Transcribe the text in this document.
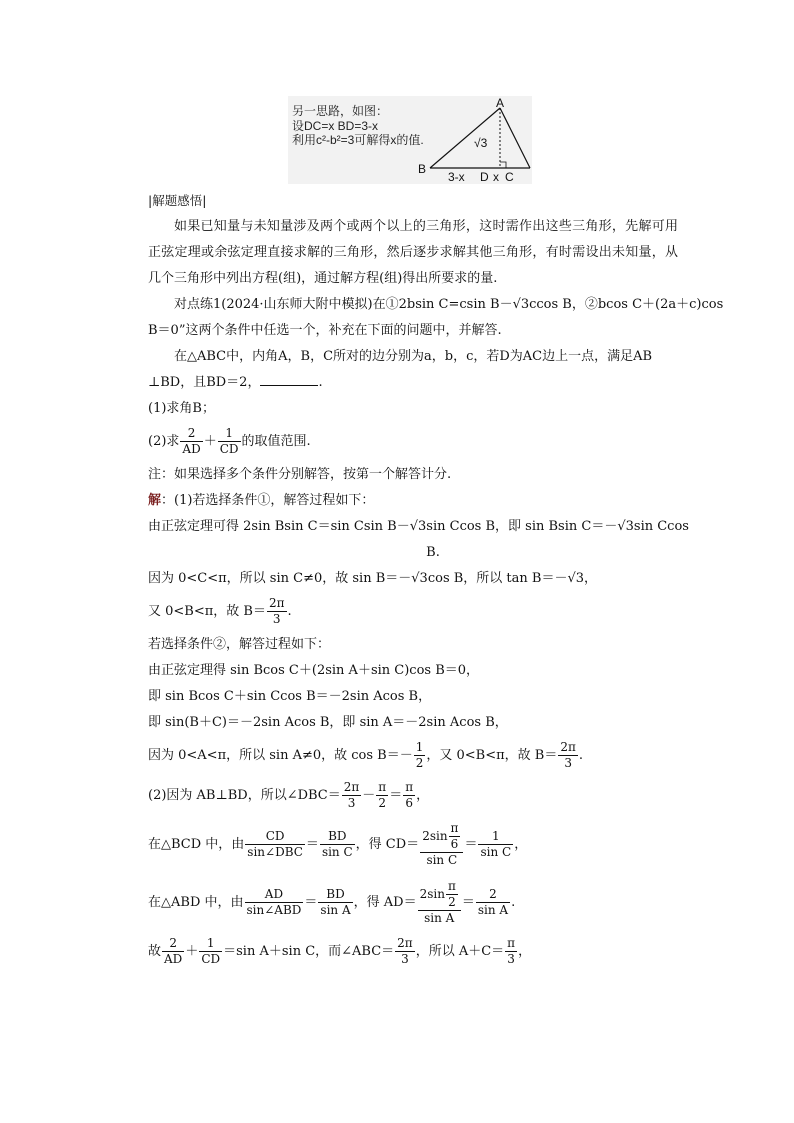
另一思路，如图：
设DC=x BD=3-x
利用c²-b²=3可解得x的值.
A
B
√3
3-x D x C
|解题感悟|
如果已知量与未知量涉及两个或两个以上的三角形，这时需作出这些三角形，先解可用正弦定理或余弦定理直接求解的三角形，然后逐步求解其他三角形，有时需设出未知量，从几个三角形中列出方程(组)，通过解方程(组)得出所要求的量.
对点练1(2024·山东师大附中模拟)在①2bsin C=csin B－√3ccos B，②bcos C＋(2a＋c)cos
B＝0”这两个条件中任选一个，补充在下面的问题中，并解答.
在△ABC中，内角A，B，C所对的边分别为a，b，c，若D为AC边上一点，满足AB
⊥BD，且BD＝2，	.
(1)求角B；
(2)求 $\frac{2}{AD} + \frac{1}{CD}$ 的取值范围.
注：如果选择多个条件分别解答，按第一个解答计分.
解：(1)若选择条件①，解答过程如下：
由正弦定理可得 2sin Bsin C＝sin Csin B－√3sin Ccos B，即 sin Bsin C＝－√3sin Ccos
B.
因为 0<C<π，所以 sin C≠0，故 sin B＝－√3cos B，所以 tan B＝－√3，
又 0<B<π，故 $B= \frac{2\pi}{3}$ .
若选择条件②，解答过程如下：
由正弦定理得 sin Bcos C＋(2sin A＋sin C)cos B＝0，
即 sin Bcos C＋sin Ccos B＝－2sin Acos B，
即 sin(B＋C)＝－2sin Acos B，即 sin A＝－2sin Acos B，
因为 0<A<π，所以 sin A≠0，故 $\cos B=- \frac{1}{2}$ ，又 0<B<π，故 $B= \frac{2\pi}{3}$ .
(2)因为 AB⊥BD，所以∠DBC＝ $\frac{2\pi}{3} - \frac{\pi}{2} = \frac{\pi}{6}$ ，
在△BCD 中，由 $\frac{CD}{\text{sin∠DBC}} = \frac{BD}{\text{sin C}}$ ，得 $CD= \frac{2\sin \frac{\pi}{6}}{\text{sin C}} = \frac{1}{\text{sin C}}$ ，
在△ABD 中，由 $\frac{AD}{\text{sin∠ABD}} = \frac{BD}{\text{sin A}}$ ，得 $AD= \frac{2\sin \frac{\pi}{2}}{\text{sin A}} = \frac{2}{\text{sin A}}$ .
故 $\frac{2}{AD} + \frac{1}{CD} =\sin$ A＋sin C，而∠ABC＝ $\frac{2\pi}{3}$ ，所以 $A+C= \frac{\pi}{3}$ ，
